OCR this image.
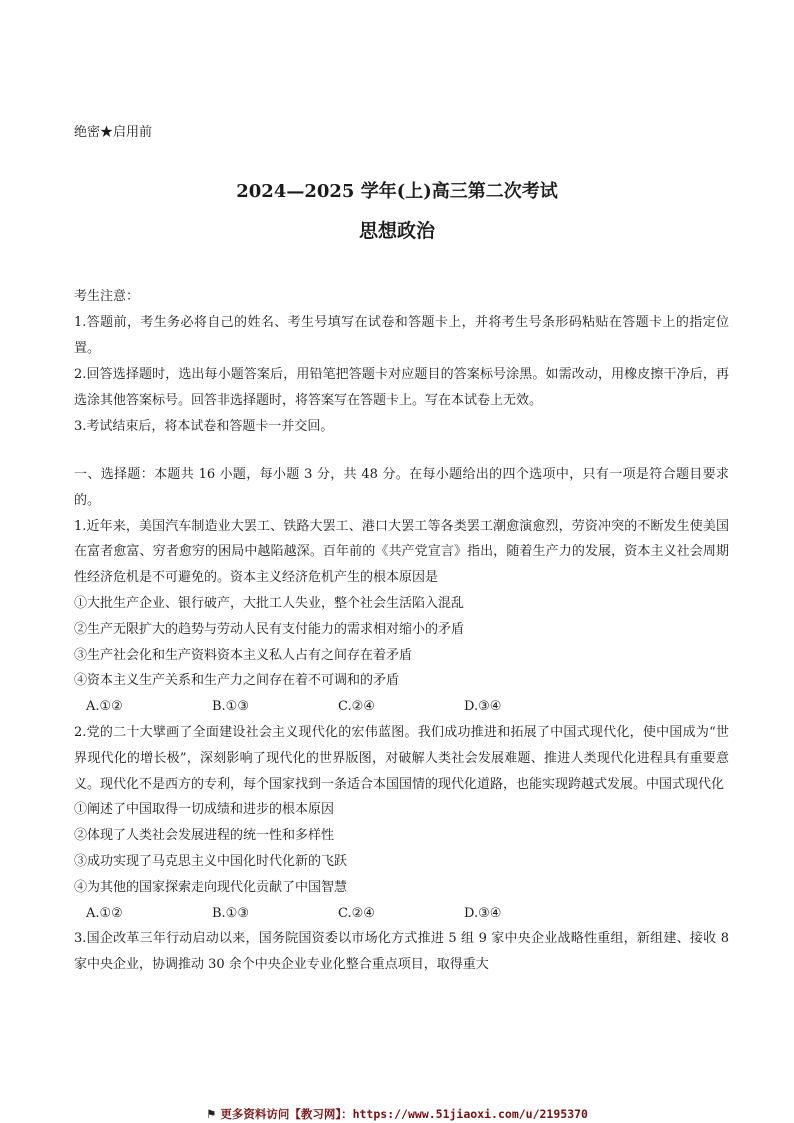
绝密★启用前
2024—2025 学年(上)高三第二次考试
思想政治

考生注意：

1.答题前，考生务必将自己的姓名、考生号填写在试卷和答题卡上，并将考生号条形码粘贴在答题卡上的指定位置。

2.回答选择题时，选出每小题答案后，用铅笔把答题卡对应题目的答案标号涂黑。如需改动，用橡皮擦干净后，再选涂其他答案标号。回答非选择题时，将答案写在答题卡上。写在本试卷上无效。

3.考试结束后，将本试卷和答题卡一并交回。

一、选择题：本题共 16 小题，每小题 3 分，共 48 分。在每小题给出的四个选项中，只有一项是符合题目要求的。

1.近年来，美国汽车制造业大罢工、铁路大罢工、港口大罢工等各类罢工潮愈演愈烈，劳资冲突的不断发生使美国在富者愈富、穷者愈穷的困局中越陷越深。百年前的《共产党宣言》指出，随着生产力的发展，资本主义社会周期性经济危机是不可避免的。资本主义经济危机产生的根本原因是

①大批生产企业、银行破产，大批工人失业，整个社会生活陷入混乱

②生产无限扩大的趋势与劳动人民有支付能力的需求相对缩小的矛盾

③生产社会化和生产资料资本主义私人占有之间存在着矛盾

④资本主义生产关系和生产力之间存在着不可调和的矛盾

A.①②	B.①③	C.②④	D.③④

2.党的二十大擘画了全面建设社会主义现代化的宏伟蓝图。我们成功推进和拓展了中国式现代化，使中国成为“世界现代化的增长极”，深刻影响了现代化的世界版图，对破解人类社会发展难题、推进人类现代化进程具有重要意义。现代化不是西方的专利，每个国家找到一条适合本国国情的现代化道路，也能实现跨越式发展。中国式现代化

①阐述了中国取得一切成绩和进步的根本原因

②体现了人类社会发展进程的统一性和多样性

③成功实现了马克思主义中国化时代化新的飞跃

④为其他的国家探索走向现代化贡献了中国智慧

A.①②	B.①③	C.②④	D.③④

3.国企改革三年行动启动以来，国务院国资委以市场化方式推进 5 组 9 家中央企业战略性重组，新组建、接收 8 家中央企业，协调推动 30 余个中央企业专业化整合重点项目，取得重大

⚑ 更多资料访问【教习网】：https://www.51jiaoxi.com/u/2195370
